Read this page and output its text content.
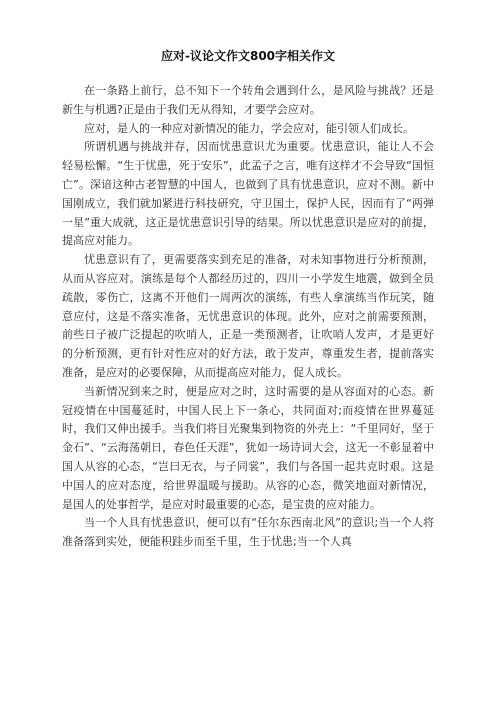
应对-议论文作文800字相关作文

在一条路上前行，总不知下一个转角会遇到什么，是风险与挑战？还是新生与机遇?正是由于我们无从得知，才要学会应对。

应对，是人的一种应对新情况的能力，学会应对，能引领人们成长。

所谓机遇与挑战并存，因而忧患意识尤为重要。忧患意识，能让人不会轻易松懈。“生于忧患，死于安乐”，此孟子之言，唯有这样才不会导致“国恒亡”。深谙这种古老智慧的中国人，也做到了具有忧患意识，应对不测。新中国刚成立，我们就加紧进行科技研究，守卫国土，保护人民，因而有了“两弹一星”重大成就，这正是忧患意识引导的结果。所以忧患意识是应对的前提，提高应对能力。

忧患意识有了，更需要落实到充足的准备，对未知事物进行分析预测，从而从容应对。演练是每个人都经历过的，四川一小学发生地震，做到全员疏散，零伤亡，这离不开他们一周两次的演练，有些人拿演练当作玩笑，随意应付，这是不落实准备，无忧患意识的体现。此外，应对之前需要预测，前些日子被广泛提起的吹哨人，正是一类预测者，让吹哨人发声，才是更好的分析预测，更有针对性应对的好方法，敢于发声，尊重发生者，提前落实准备，是应对的必要保障，从而提高应对能力，促人成长。

当新情况到来之时，便是应对之时，这时需要的是从容面对的心态。新冠疫情在中国蔓延时，中国人民上下一条心，共同面对;而疫情在世界蔓延时，我们又伸出援手。当我们将目光聚集到物资的外壳上：“千里同好，坚于金石”、“云海荡朝日，春色任天涯”，犹如一场诗词大会，这无一不彰显着中国人从容的心态，“岂曰无衣，与子同裳”，我们与各国一起共克时艰。这是中国人的应对态度，给世界温暖与援助。从容的心态，微笑地面对新情况，是国人的处事哲学，是应对时最重要的心态，是宝贵的应对能力。

当一个人具有忧患意识，便可以有“任尔东西南北风”的意识;当一个人将准备落到实处，便能积跬步而至千里，生于忧患;当一个人真
